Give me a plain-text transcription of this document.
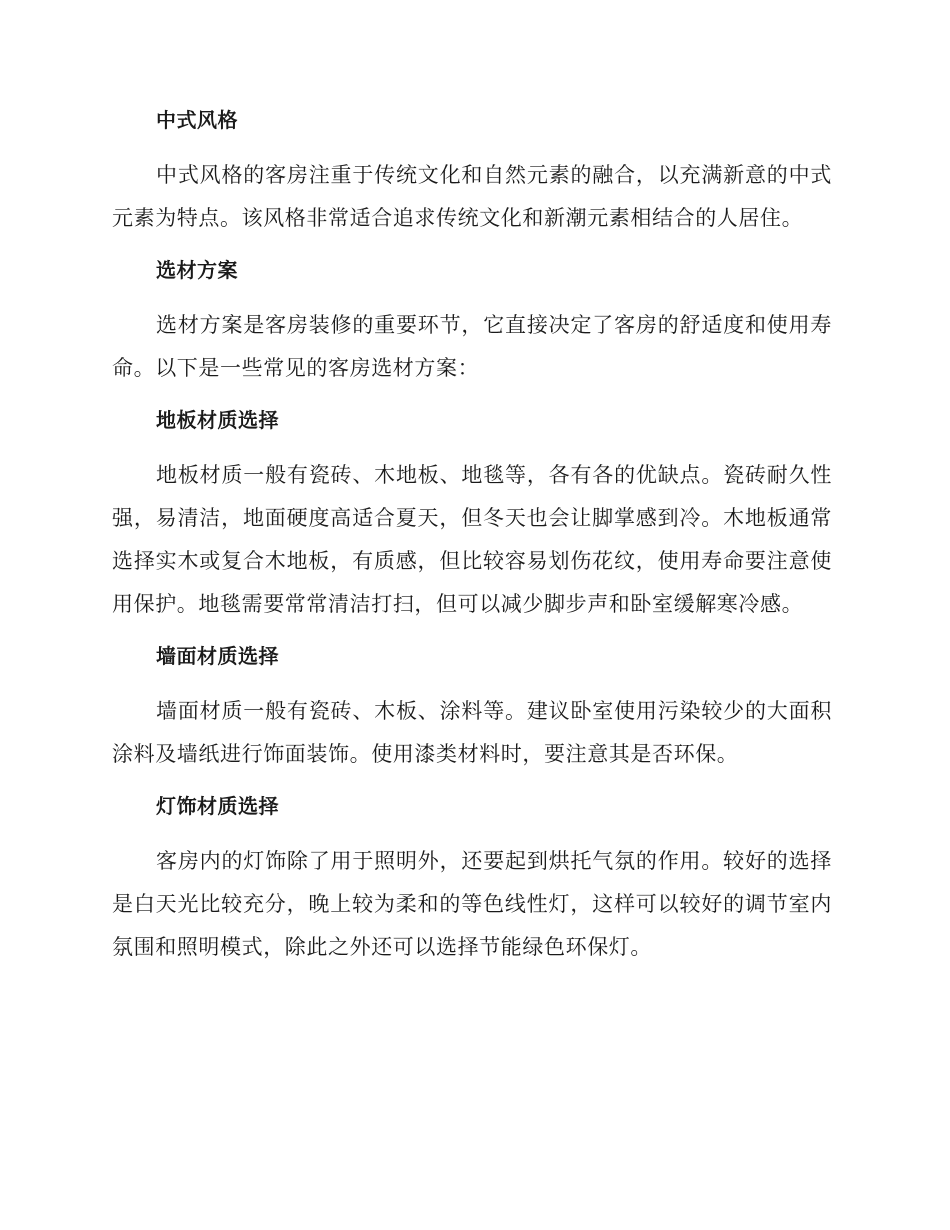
中式风格

中式风格的客房注重于传统文化和自然元素的融合，以充满新意的中式元素为特点。该风格非常适合追求传统文化和新潮元素相结合的人居住。

选材方案

选材方案是客房装修的重要环节，它直接决定了客房的舒适度和使用寿命。以下是一些常见的客房选材方案：

地板材质选择

地板材质一般有瓷砖、木地板、地毯等，各有各的优缺点。瓷砖耐久性强，易清洁，地面硬度高适合夏天，但冬天也会让脚掌感到冷。木地板通常选择实木或复合木地板，有质感，但比较容易划伤花纹，使用寿命要注意使用保护。地毯需要常常清洁打扫，但可以减少脚步声和卧室缓解寒冷感。

墙面材质选择

墙面材质一般有瓷砖、木板、涂料等。建议卧室使用污染较少的大面积涂料及墙纸进行饰面装饰。使用漆类材料时，要注意其是否环保。

灯饰材质选择

客房内的灯饰除了用于照明外，还要起到烘托气氛的作用。较好的选择是白天光比较充分，晚上较为柔和的等色线性灯，这样可以较好的调节室内氛围和照明模式，除此之外还可以选择节能绿色环保灯。
